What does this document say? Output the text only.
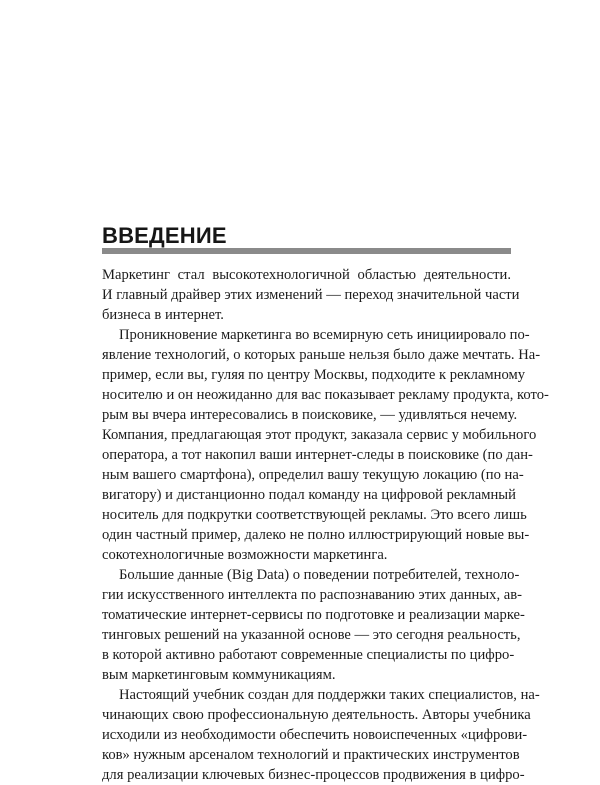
ВВЕДЕНИЕ
Маркетинг стал высокотехнологичной областью деятельности.
И главный драйвер этих изменений — переход значительной части
бизнеса в интернет.
Проникновение маркетинга во всемирную сеть инициировало по-
явление технологий, о которых раньше нельзя было даже мечтать. На-
пример, если вы, гуляя по центру Москвы, подходите к рекламному
носителю и он неожиданно для вас показывает рекламу продукта, кото-
рым вы вчера интересовались в поисковике, — удивляться нечему.
Компания, предлагающая этот продукт, заказала сервис у мобильного
оператора, а тот накопил ваши интернет-следы в поисковике (по дан-
ным вашего смартфона), определил вашу текущую локацию (по на-
вигатору) и дистанционно подал команду на цифровой рекламный
носитель для подкрутки соответствующей рекламы. Это всего лишь
один частный пример, далеко не полно иллюстрирующий новые вы-
сокотехнологичные возможности маркетинга.
Большие данные (Big Data) о поведении потребителей, техноло-
гии искусственного интеллекта по распознаванию этих данных, ав-
томатические интернет-сервисы по подготовке и реализации марке-
тинговых решений на указанной основе — это сегодня реальность,
в которой активно работают современные специалисты по цифро-
вым маркетинговым коммуникациям.
Настоящий учебник создан для поддержки таких специалистов, на-
чинающих свою профессиональную деятельность. Авторы учебника
исходили из необходимости обеспечить новоиспеченных «цифрови-
ков» нужным арсеналом технологий и практических инструментов
для реализации ключевых бизнес-процессов продвижения в цифро-
